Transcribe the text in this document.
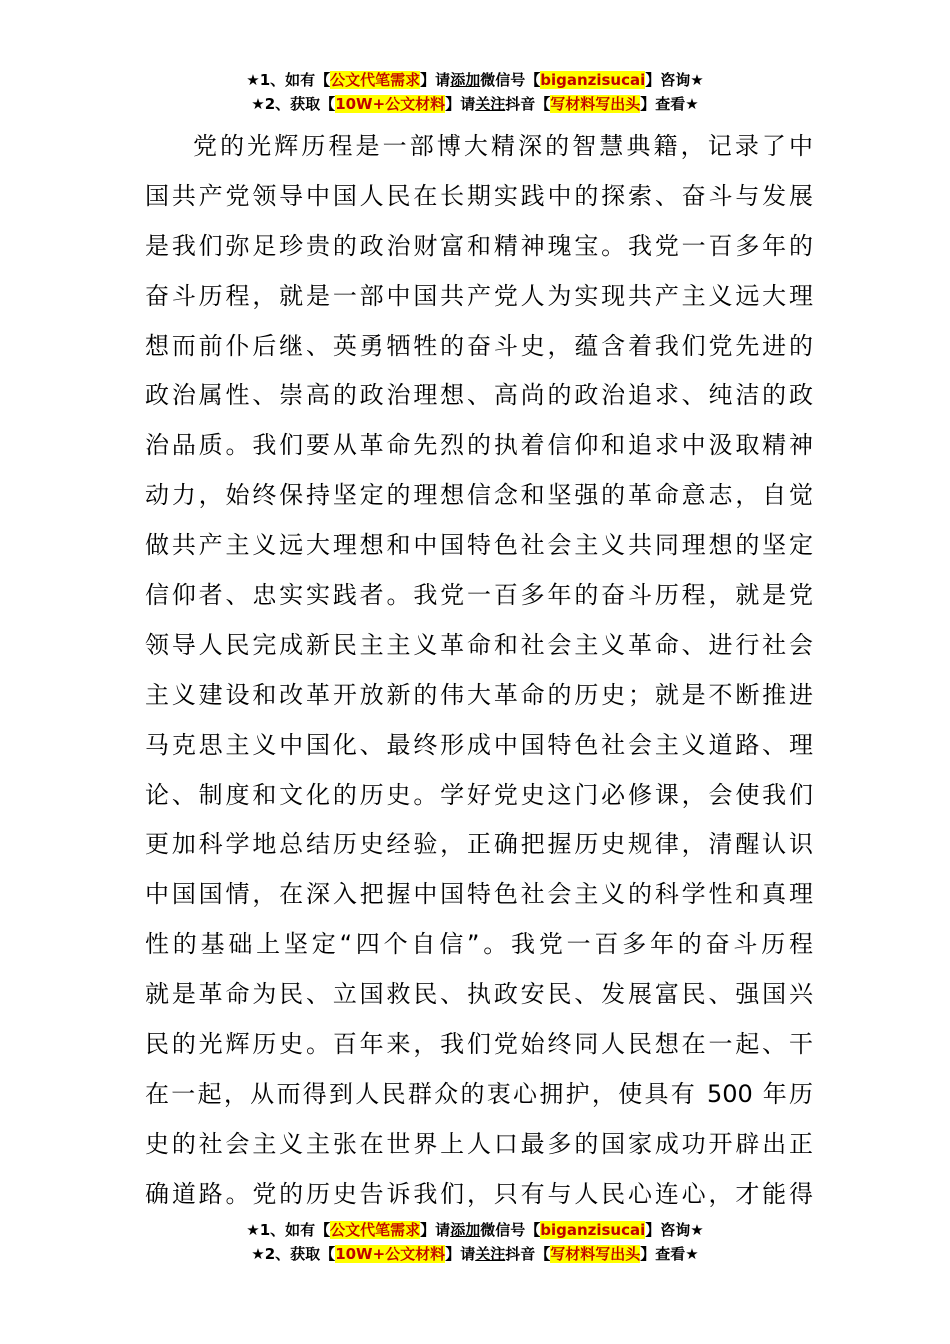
★1、如有【公文代笔需求】请添加微信号【biganzisucai】咨询★
★2、获取【10W+公文材料】请关注抖音【写材料写出头】查看★
党的光辉历程是一部博大精深的智慧典籍，记录了中
国共产党领导中国人民在长期实践中的探索、奋斗与发展
是我们弥足珍贵的政治财富和精神瑰宝。我党一百多年的
奋斗历程，就是一部中国共产党人为实现共产主义远大理
想而前仆后继、英勇牺牲的奋斗史，蕴含着我们党先进的
政治属性、崇高的政治理想、高尚的政治追求、纯洁的政
治品质。我们要从革命先烈的执着信仰和追求中汲取精神
动力，始终保持坚定的理想信念和坚强的革命意志，自觉
做共产主义远大理想和中国特色社会主义共同理想的坚定
信仰者、忠实实践者。我党一百多年的奋斗历程，就是党
领导人民完成新民主主义革命和社会主义革命、进行社会
主义建设和改革开放新的伟大革命的历史；就是不断推进
马克思主义中国化、最终形成中国特色社会主义道路、理
论、制度和文化的历史。学好党史这门必修课，会使我们
更加科学地总结历史经验，正确把握历史规律，清醒认识
中国国情，在深入把握中国特色社会主义的科学性和真理
性的基础上坚定“四个自信”。我党一百多年的奋斗历程
就是革命为民、立国救民、执政安民、发展富民、强国兴
民的光辉历史。百年来，我们党始终同人民想在一起、干
在一起，从而得到人民群众的衷心拥护，使具有 500 年历
史的社会主义主张在世界上人口最多的国家成功开辟出正
确道路。党的历史告诉我们，只有与人民心连心，才能得
★1、如有【公文代笔需求】请添加微信号【biganzisucai】咨询★
★2、获取【10W+公文材料】请关注抖音【写材料写出头】查看★
